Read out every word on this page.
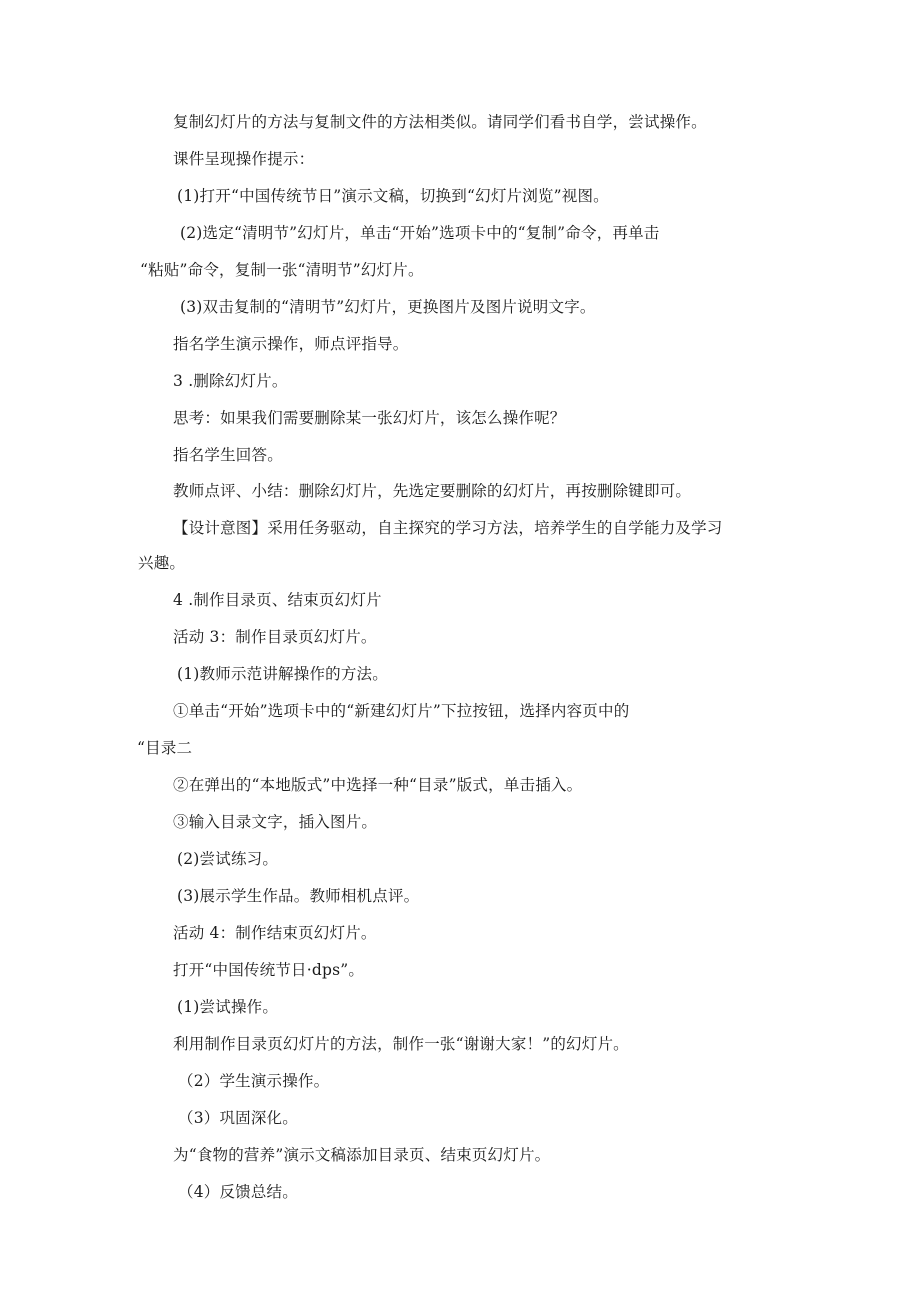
复制幻灯片的方法与复制文件的方法相类似。请同学们看书自学，尝试操作。
课件呈现操作提示：
(1)打开“中国传统节日”演示文稿，切换到“幻灯片浏览”视图。
(2)选定“清明节”幻灯片，单击“开始”选项卡中的“复制”命令，再单击
“粘贴”命令，复制一张“清明节”幻灯片。
(3)双击复制的“清明节”幻灯片，更换图片及图片说明文字。
指名学生演示操作，师点评指导。
3 .删除幻灯片。
思考：如果我们需要删除某一张幻灯片，该怎么操作呢？
指名学生回答。
教师点评、小结：删除幻灯片，先选定要删除的幻灯片，再按删除键即可。
【设计意图】采用任务驱动，自主探究的学习方法，培养学生的自学能力及学习
兴趣。
4 .制作目录页、结束页幻灯片
活动 3：制作目录页幻灯片。
(1)教师示范讲解操作的方法。
①单击“开始”选项卡中的“新建幻灯片”下拉按钮，选择内容页中的
“目录二
②在弹出的“本地版式”中选择一种“目录”版式，单击插入。
③输入目录文字，插入图片。
(2)尝试练习。
(3)展示学生作品。教师相机点评。
活动 4：制作结束页幻灯片。
打开“中国传统节日·dps”。
(1)尝试操作。
利用制作目录页幻灯片的方法，制作一张“谢谢大家！”的幻灯片。
（2）学生演示操作。
（3）巩固深化。
为“食物的营养”演示文稿添加目录页、结束页幻灯片。
（4）反馈总结。
